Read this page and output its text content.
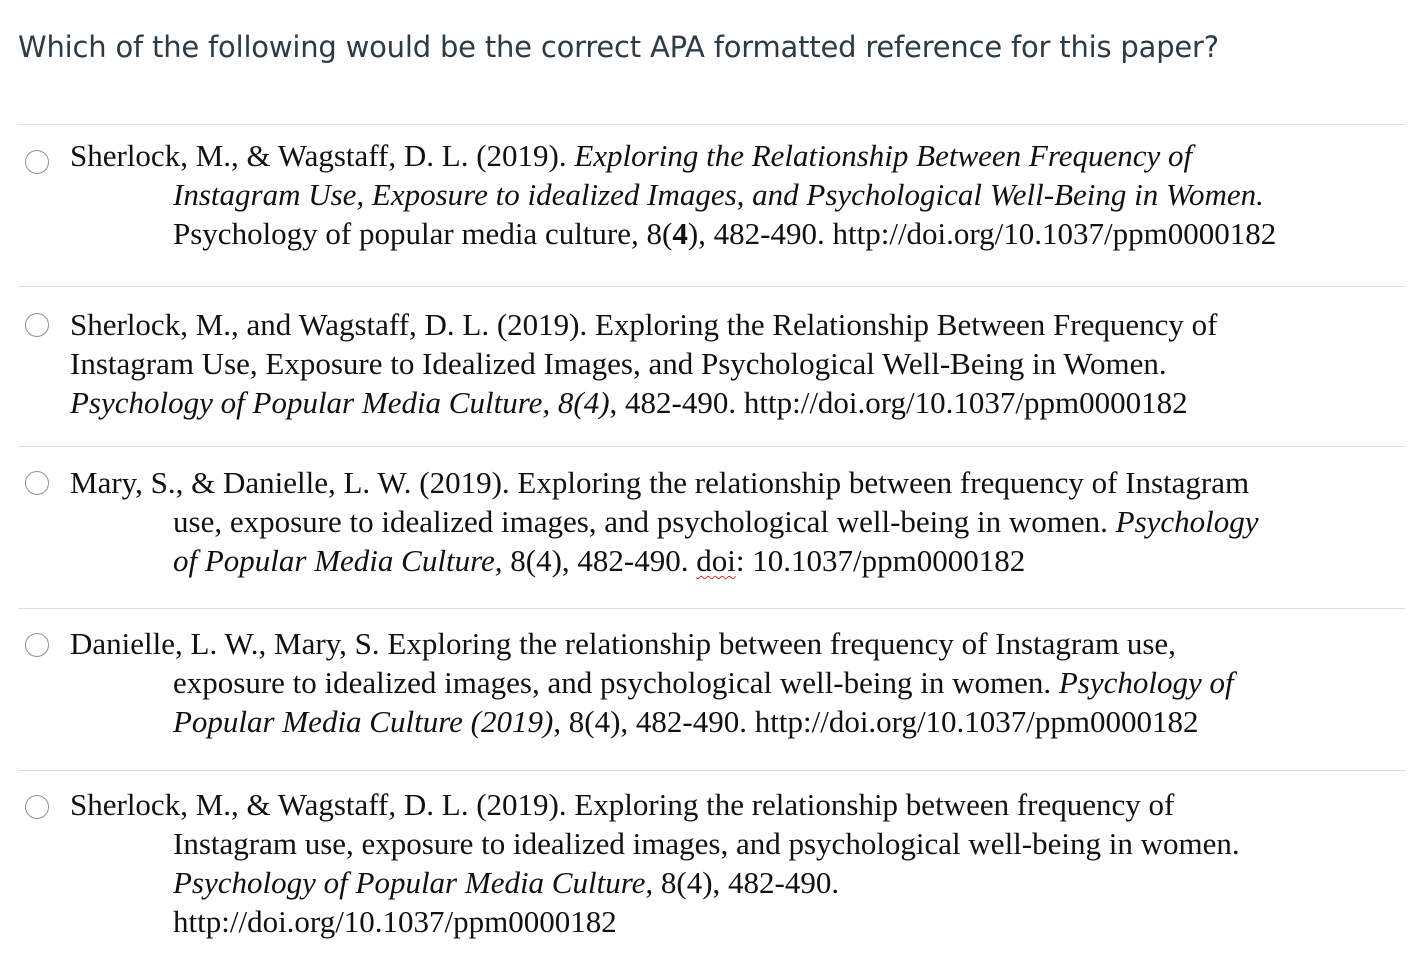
Which of the following would be the correct APA formatted reference for this paper?
Sherlock, M., & Wagstaff, D. L. (2019). Exploring the Relationship Between Frequency of
Instagram Use, Exposure to idealized Images, and Psychological Well-Being in Women.
Psychology of popular media culture, 8(4), 482-490. http://doi.org/10.1037/ppm0000182
Sherlock, M., and Wagstaff, D. L. (2019). Exploring the Relationship Between Frequency of
Instagram Use, Exposure to Idealized Images, and Psychological Well-Being in Women.
Psychology of Popular Media Culture, 8(4), 482-490. http://doi.org/10.1037/ppm0000182
Mary, S., & Danielle, L. W. (2019). Exploring the relationship between frequency of Instagram
use, exposure to idealized images, and psychological well-being in women. Psychology
of Popular Media Culture, 8(4), 482-490. doi: 10.1037/ppm0000182
Danielle, L. W., Mary, S. Exploring the relationship between frequency of Instagram use,
exposure to idealized images, and psychological well-being in women. Psychology of
Popular Media Culture (2019), 8(4), 482-490. http://doi.org/10.1037/ppm0000182
Sherlock, M., & Wagstaff, D. L. (2019). Exploring the relationship between frequency of
Instagram use, exposure to idealized images, and psychological well-being in women.
Psychology of Popular Media Culture, 8(4), 482-490.
http://doi.org/10.1037/ppm0000182
